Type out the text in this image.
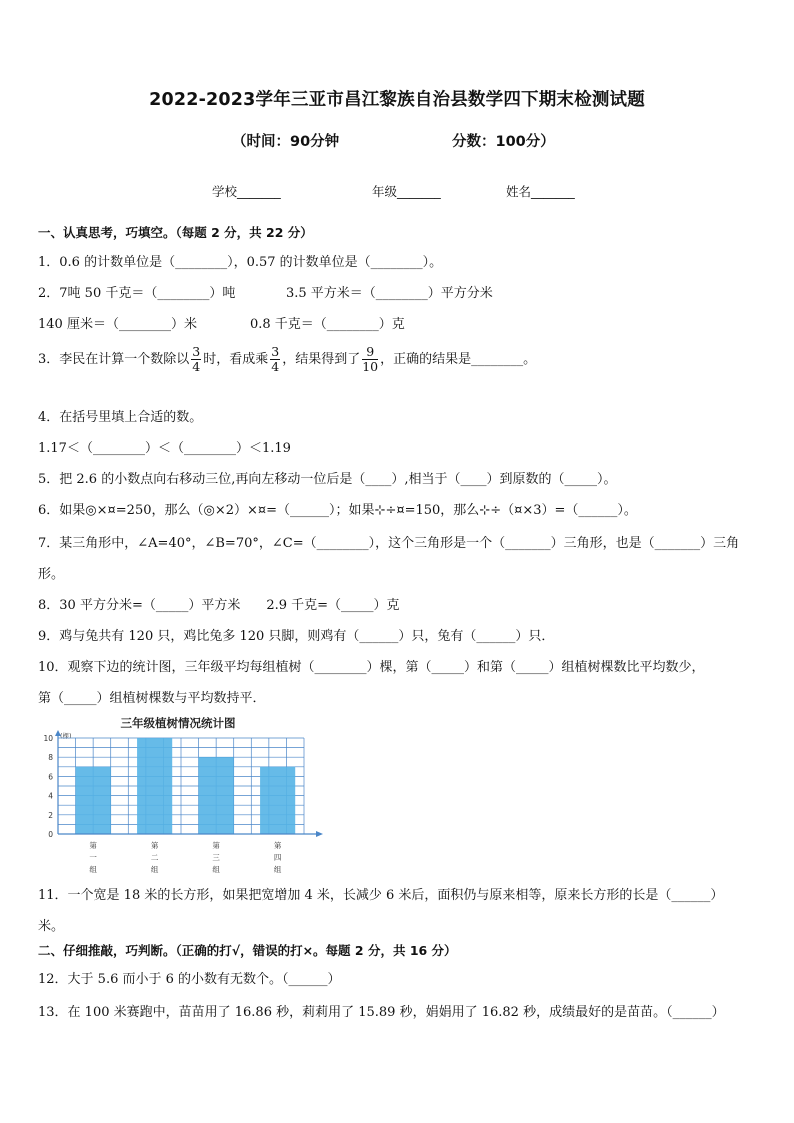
2022-2023学年三亚市昌江黎族自治县数学四下期末检测试题
（时间：90分钟	分数：100分）
学校_______	年级_______	姓名_______
一、认真思考，巧填空。（每题 2 分，共 22 分）
1．0.6 的计数单位是（________），0.57 的计数单位是（________）。
2．7吨 50 千克＝（________）吨	3.5 平方米＝（________）平方分米
140 厘米＝（________）米	0.8 千克＝（________）克
3．李民在计算一个数除以 $\frac{3}{4}$ 时，看成乘 $\frac{3}{4}$ ，结果得到了 $\frac{9}{10}$ ，正确的结果是________。
4．在括号里填上合适的数。
1.17＜（________）＜（________）＜1.19
5．把 2.6 的小数点向右移动三位,再向左移动一位后是（____）,相当于（____）到原数的（_____）。
6．如果◎×¤=250，那么（◎×2）×¤=（______）；如果⊹÷¤=150，那么⊹÷（¤×3）=（______）。
7．某三角形中，∠A=40°，∠B=70°，∠C=（________），这个三角形是一个（_______）三角形，也是（_______）三角
形。
8．30 平方分米=（_____）平方米　　2.9 千克=（_____）克
9．鸡与兔共有 120 只，鸡比兔多 120 只脚，则鸡有（______）只，兔有（______）只．
10．观察下边的统计图，三年级平均每组植树（________）棵，第（_____）和第（_____）组植树棵数比平均数少，
第（_____）组植树棵数与平均数持平．
三年级植树情况统计图
(棵)
第一组
第二组
第三组
第四组
0
2
4
6
8
10
11．一个宽是 18 米的长方形，如果把宽增加 4 米，长减少 6 米后，面积仍与原来相等，原来长方形的长是（______）
米。
二、仔细推敲，巧判断。（正确的打√，错误的打×。每题 2 分，共 16 分）
12．大于 5.6 而小于 6 的小数有无数个。（______）
13．在 100 米赛跑中，苗苗用了 16.86 秒，莉莉用了 15.89 秒，娟娟用了 16.82 秒，成绩最好的是苗苗。（______）
